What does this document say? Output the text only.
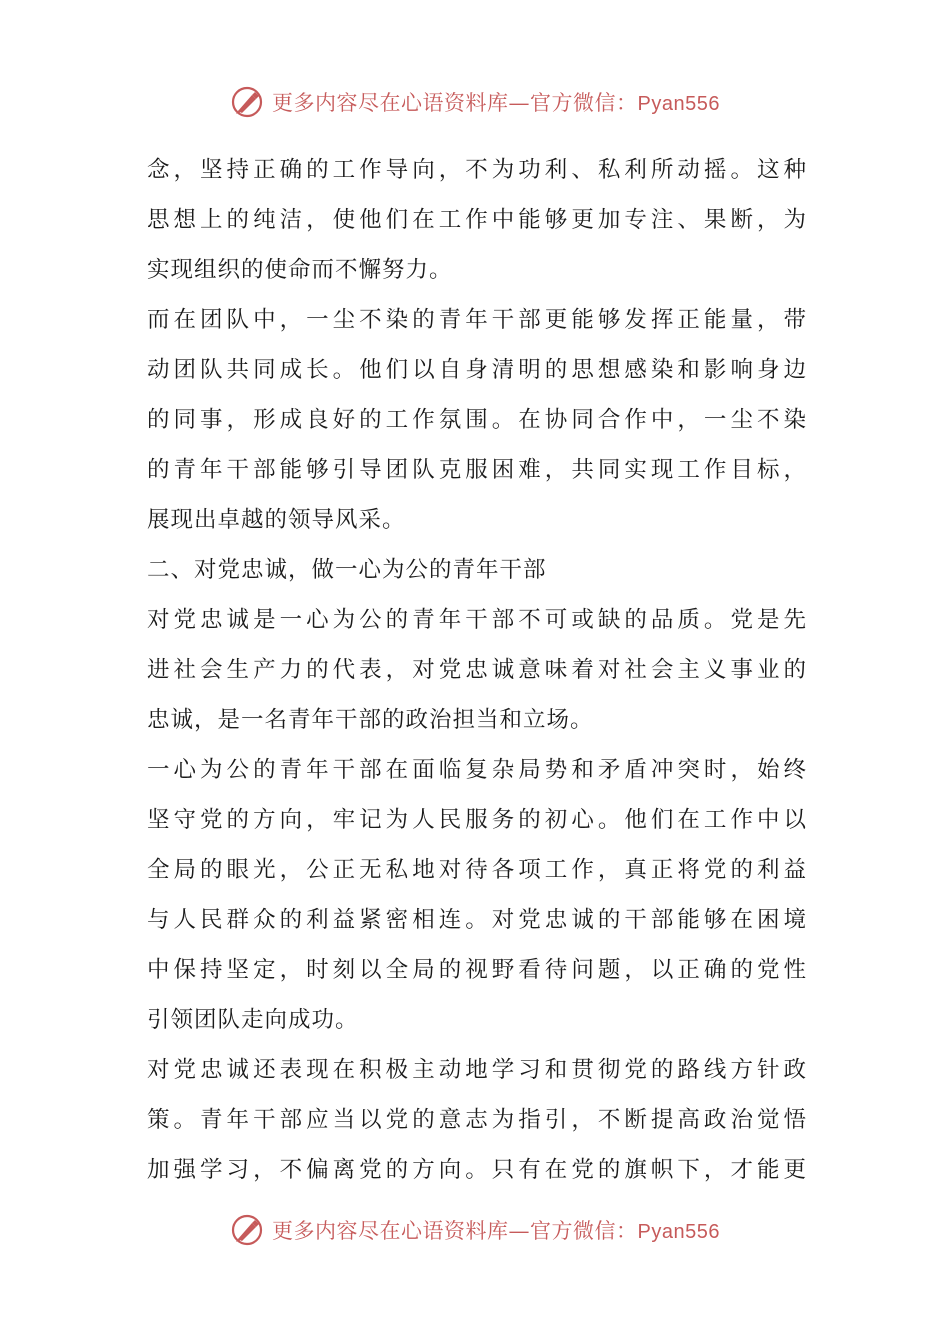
更多内容尽在心语资料库—官方微信：Pyan556
念，坚持正确的工作导向，不为功利、私利所动摇。这种
思想上的纯洁，使他们在工作中能够更加专注、果断，为
实现组织的使命而不懈努力。
而在团队中，一尘不染的青年干部更能够发挥正能量，带
动团队共同成长。他们以自身清明的思想感染和影响身边
的同事，形成良好的工作氛围。在协同合作中，一尘不染
的青年干部能够引导团队克服困难，共同实现工作目标，
展现出卓越的领导风采。
二、对党忠诚，做一心为公的青年干部
对党忠诚是一心为公的青年干部不可或缺的品质。党是先
进社会生产力的代表，对党忠诚意味着对社会主义事业的
忠诚，是一名青年干部的政治担当和立场。
一心为公的青年干部在面临复杂局势和矛盾冲突时，始终
坚守党的方向，牢记为人民服务的初心。他们在工作中以
全局的眼光，公正无私地对待各项工作，真正将党的利益
与人民群众的利益紧密相连。对党忠诚的干部能够在困境
中保持坚定，时刻以全局的视野看待问题，以正确的党性
引领团队走向成功。
对党忠诚还表现在积极主动地学习和贯彻党的路线方针政
策。青年干部应当以党的意志为指引，不断提高政治觉悟
加强学习，不偏离党的方向。只有在党的旗帜下，才能更
更多内容尽在心语资料库—官方微信：Pyan556
